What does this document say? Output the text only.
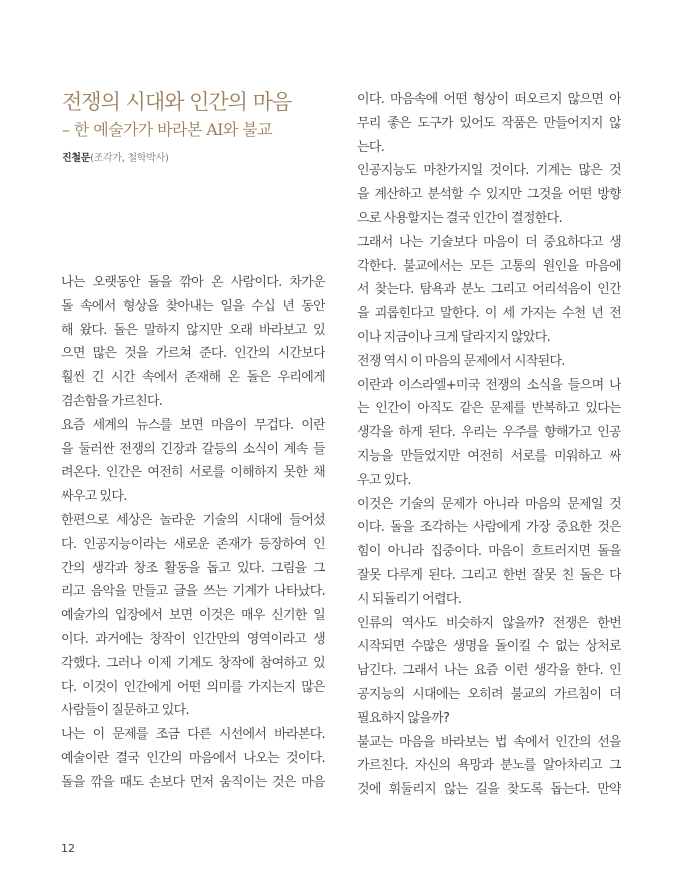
전쟁의 시대와 인간의 마음
– 한 예술가가 바라본 AI와 불교
진철문(조각가, 철학박사)
나는 오랫동안 돌을 깎아 온 사람이다. 차가운
돌 속에서 형상을 찾아내는 일을 수십 년 동안
해 왔다. 돌은 말하지 않지만 오래 바라보고 있
으면 많은 것을 가르쳐 준다. 인간의 시간보다
훨씬 긴 시간 속에서 존재해 온 돌은 우리에게
겸손함을 가르친다.
요즘 세계의 뉴스를 보면 마음이 무겁다. 이란
을 둘러싼 전쟁의 긴장과 갈등의 소식이 계속 들
려온다. 인간은 여전히 서로를 이해하지 못한 채
싸우고 있다.
한편으로 세상은 놀라운 기술의 시대에 들어섰
다. 인공지능이라는 새로운 존재가 등장하여 인
간의 생각과 창조 활동을 돕고 있다. 그림을 그
리고 음악을 만들고 글을 쓰는 기계가 나타났다.
예술가의 입장에서 보면 이것은 매우 신기한 일
이다. 과거에는 창작이 인간만의 영역이라고 생
각했다. 그러나 이제 기계도 창작에 참여하고 있
다. 이것이 인간에게 어떤 의미를 가지는지 많은
사람들이 질문하고 있다.
나는 이 문제를 조금 다른 시선에서 바라본다.
예술이란 결국 인간의 마음에서 나오는 것이다.
돌을 깎을 때도 손보다 먼저 움직이는 것은 마음
이다. 마음속에 어떤 형상이 떠오르지 않으면 아
무리 좋은 도구가 있어도 작품은 만들어지지 않
는다.
인공지능도 마찬가지일 것이다. 기계는 많은 것
을 계산하고 분석할 수 있지만 그것을 어떤 방향
으로 사용할지는 결국 인간이 결정한다.
그래서 나는 기술보다 마음이 더 중요하다고 생
각한다. 불교에서는 모든 고통의 원인을 마음에
서 찾는다. 탐욕과 분노 그리고 어리석음이 인간
을 괴롭힌다고 말한다. 이 세 가지는 수천 년 전
이나 지금이나 크게 달라지지 않았다.
전쟁 역시 이 마음의 문제에서 시작된다.
이란과 이스라엘+미국 전쟁의 소식을 들으며 나
는 인간이 아직도 같은 문제를 반복하고 있다는
생각을 하게 된다. 우리는 우주를 향해가고 인공
지능을 만들었지만 여전히 서로를 미워하고 싸
우고 있다.
이것은 기술의 문제가 아니라 마음의 문제일 것
이다. 돌을 조각하는 사람에게 가장 중요한 것은
힘이 아니라 집중이다. 마음이 흐트러지면 돌을
잘못 다루게 된다. 그리고 한번 잘못 친 돌은 다
시 되돌리기 어렵다.
인류의 역사도 비슷하지 않을까? 전쟁은 한번
시작되면 수많은 생명을 돌이킬 수 없는 상처로
남긴다. 그래서 나는 요즘 이런 생각을 한다. 인
공지능의 시대에는 오히려 불교의 가르침이 더
필요하지 않을까?
불교는 마음을 바라보는 법 속에서 인간의 선을
가르친다. 자신의 욕망과 분노를 알아차리고 그
것에 휘둘리지 않는 길을 찾도록 돕는다. 만약
12
